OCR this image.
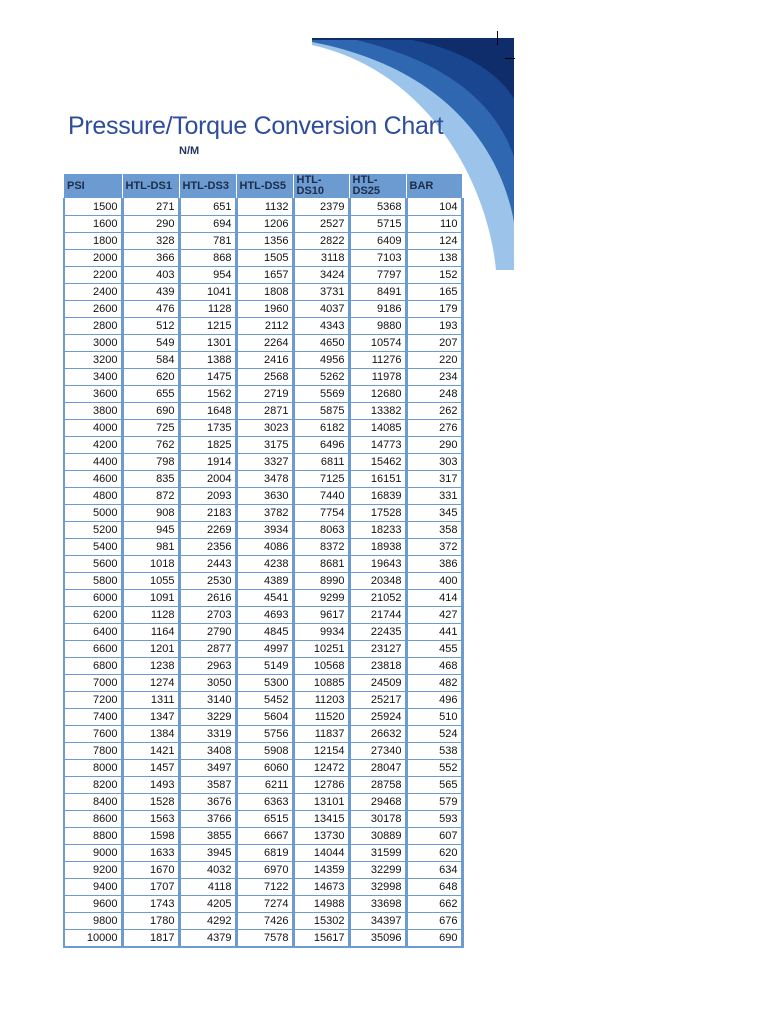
Pressure/Torque Conversion Chart
N/M
PSI	HTL-DS1	HTL-DS3	HTL-DS5	HTL-DS10	HTL-DS25	BAR
1500	271	651	1132	2379	5368	104
1600	290	694	1206	2527	5715	110
1800	328	781	1356	2822	6409	124
2000	366	868	1505	3118	7103	138
2200	403	954	1657	3424	7797	152
2400	439	1041	1808	3731	8491	165
2600	476	1128	1960	4037	9186	179
2800	512	1215	2112	4343	9880	193
3000	549	1301	2264	4650	10574	207
3200	584	1388	2416	4956	11276	220
3400	620	1475	2568	5262	11978	234
3600	655	1562	2719	5569	12680	248
3800	690	1648	2871	5875	13382	262
4000	725	1735	3023	6182	14085	276
4200	762	1825	3175	6496	14773	290
4400	798	1914	3327	6811	15462	303
4600	835	2004	3478	7125	16151	317
4800	872	2093	3630	7440	16839	331
5000	908	2183	3782	7754	17528	345
5200	945	2269	3934	8063	18233	358
5400	981	2356	4086	8372	18938	372
5600	1018	2443	4238	8681	19643	386
5800	1055	2530	4389	8990	20348	400
6000	1091	2616	4541	9299	21052	414
6200	1128	2703	4693	9617	21744	427
6400	1164	2790	4845	9934	22435	441
6600	1201	2877	4997	10251	23127	455
6800	1238	2963	5149	10568	23818	468
7000	1274	3050	5300	10885	24509	482
7200	1311	3140	5452	11203	25217	496
7400	1347	3229	5604	11520	25924	510
7600	1384	3319	5756	11837	26632	524
7800	1421	3408	5908	12154	27340	538
8000	1457	3497	6060	12472	28047	552
8200	1493	3587	6211	12786	28758	565
8400	1528	3676	6363	13101	29468	579
8600	1563	3766	6515	13415	30178	593
8800	1598	3855	6667	13730	30889	607
9000	1633	3945	6819	14044	31599	620
9200	1670	4032	6970	14359	32299	634
9400	1707	4118	7122	14673	32998	648
9600	1743	4205	7274	14988	33698	662
9800	1780	4292	7426	15302	34397	676
10000	1817	4379	7578	15617	35096	690
